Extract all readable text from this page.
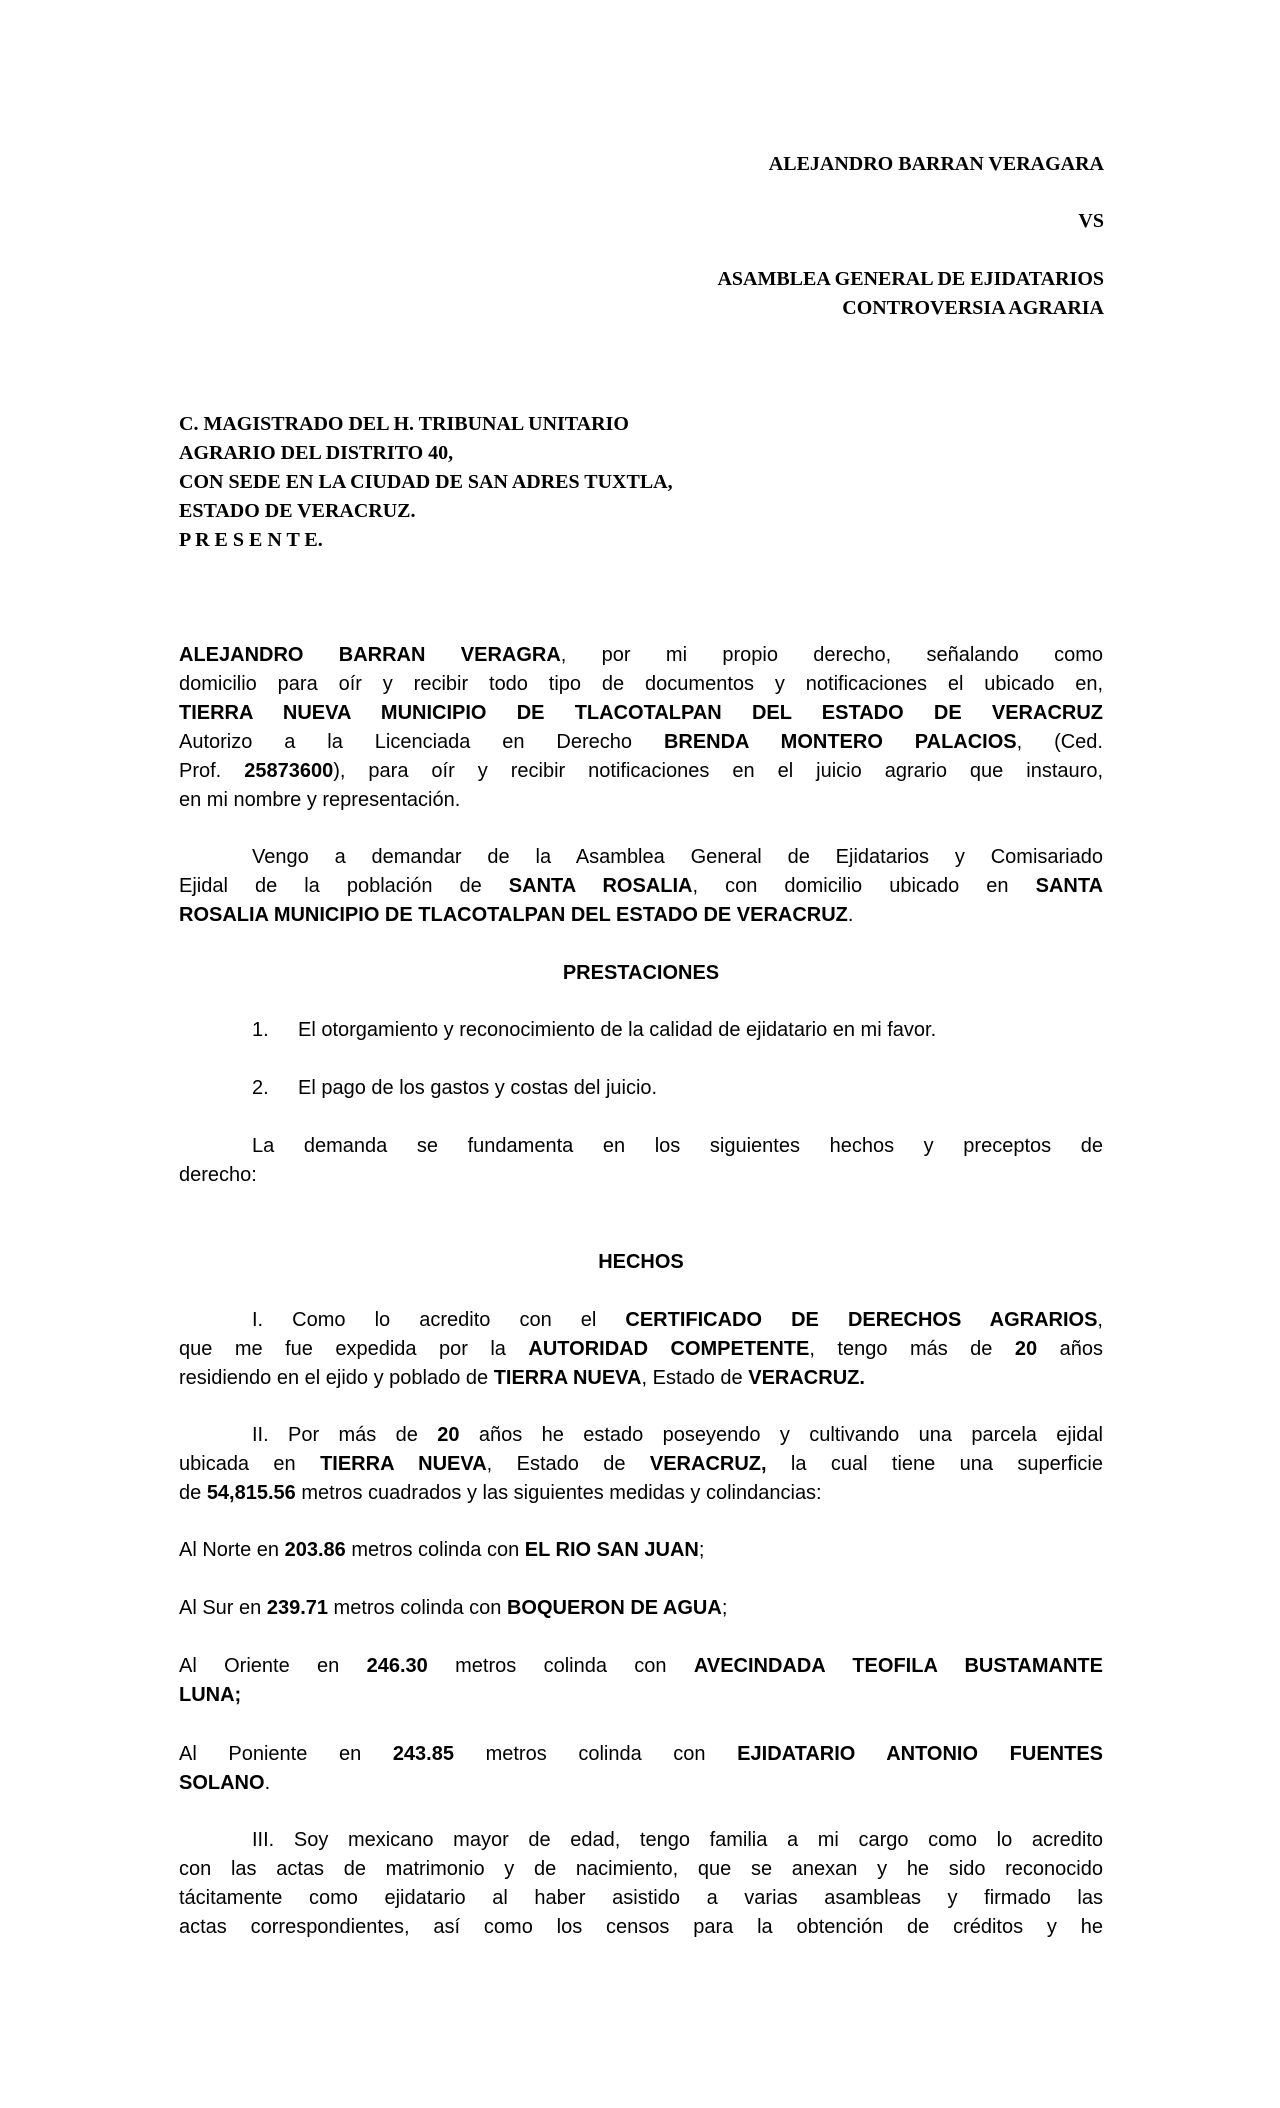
ALEJANDRO BARRAN VERAGARA
VS
ASAMBLEA GENERAL DE EJIDATARIOS
CONTROVERSIA AGRARIA
C. MAGISTRADO DEL H. TRIBUNAL UNITARIO
AGRARIO DEL DISTRITO 40,
CON SEDE EN LA CIUDAD DE SAN ADRES TUXTLA,
ESTADO DE VERACRUZ.
P R E S E N T E.
ALEJANDRO BARRAN VERAGRA, por mi propio derecho, señalando como
domicilio para oír y recibir todo tipo de documentos y notificaciones el ubicado en,
TIERRA NUEVA MUNICIPIO DE TLACOTALPAN DEL ESTADO DE VERACRUZ
Autorizo a la Licenciada en Derecho BRENDA MONTERO PALACIOS, (Ced.
Prof. 25873600), para oír y recibir notificaciones en el juicio agrario que instauro,
en mi nombre y representación.
Vengo a demandar de la Asamblea General de Ejidatarios y Comisariado
Ejidal de la población de SANTA ROSALIA, con domicilio ubicado en SANTA
ROSALIA MUNICIPIO DE TLACOTALPAN DEL ESTADO DE VERACRUZ.
PRESTACIONES
1. El otorgamiento y reconocimiento de la calidad de ejidatario en mi favor.
2. El pago de los gastos y costas del juicio.
La demanda se fundamenta en los siguientes hechos y preceptos de
derecho:
HECHOS
I. Como lo acredito con el CERTIFICADO DE DERECHOS AGRARIOS,
que me fue expedida por la AUTORIDAD COMPETENTE, tengo más de 20 años
residiendo en el ejido y poblado de TIERRA NUEVA, Estado de VERACRUZ.
II. Por más de 20 años he estado poseyendo y cultivando una parcela ejidal
ubicada en TIERRA NUEVA, Estado de VERACRUZ, la cual tiene una superficie
de 54,815.56 metros cuadrados y las siguientes medidas y colindancias:
Al Norte en 203.86 metros colinda con EL RIO SAN JUAN;
Al Sur en 239.71 metros colinda con BOQUERON DE AGUA;
Al Oriente en 246.30 metros colinda con AVECINDADA TEOFILA BUSTAMANTE
LUNA;
Al Poniente en 243.85 metros colinda con EJIDATARIO ANTONIO FUENTES
SOLANO.
III. Soy mexicano mayor de edad, tengo familia a mi cargo como lo acredito
con las actas de matrimonio y de nacimiento, que se anexan y he sido reconocido
tácitamente como ejidatario al haber asistido a varias asambleas y firmado las
actas correspondientes, así como los censos para la obtención de créditos y he
